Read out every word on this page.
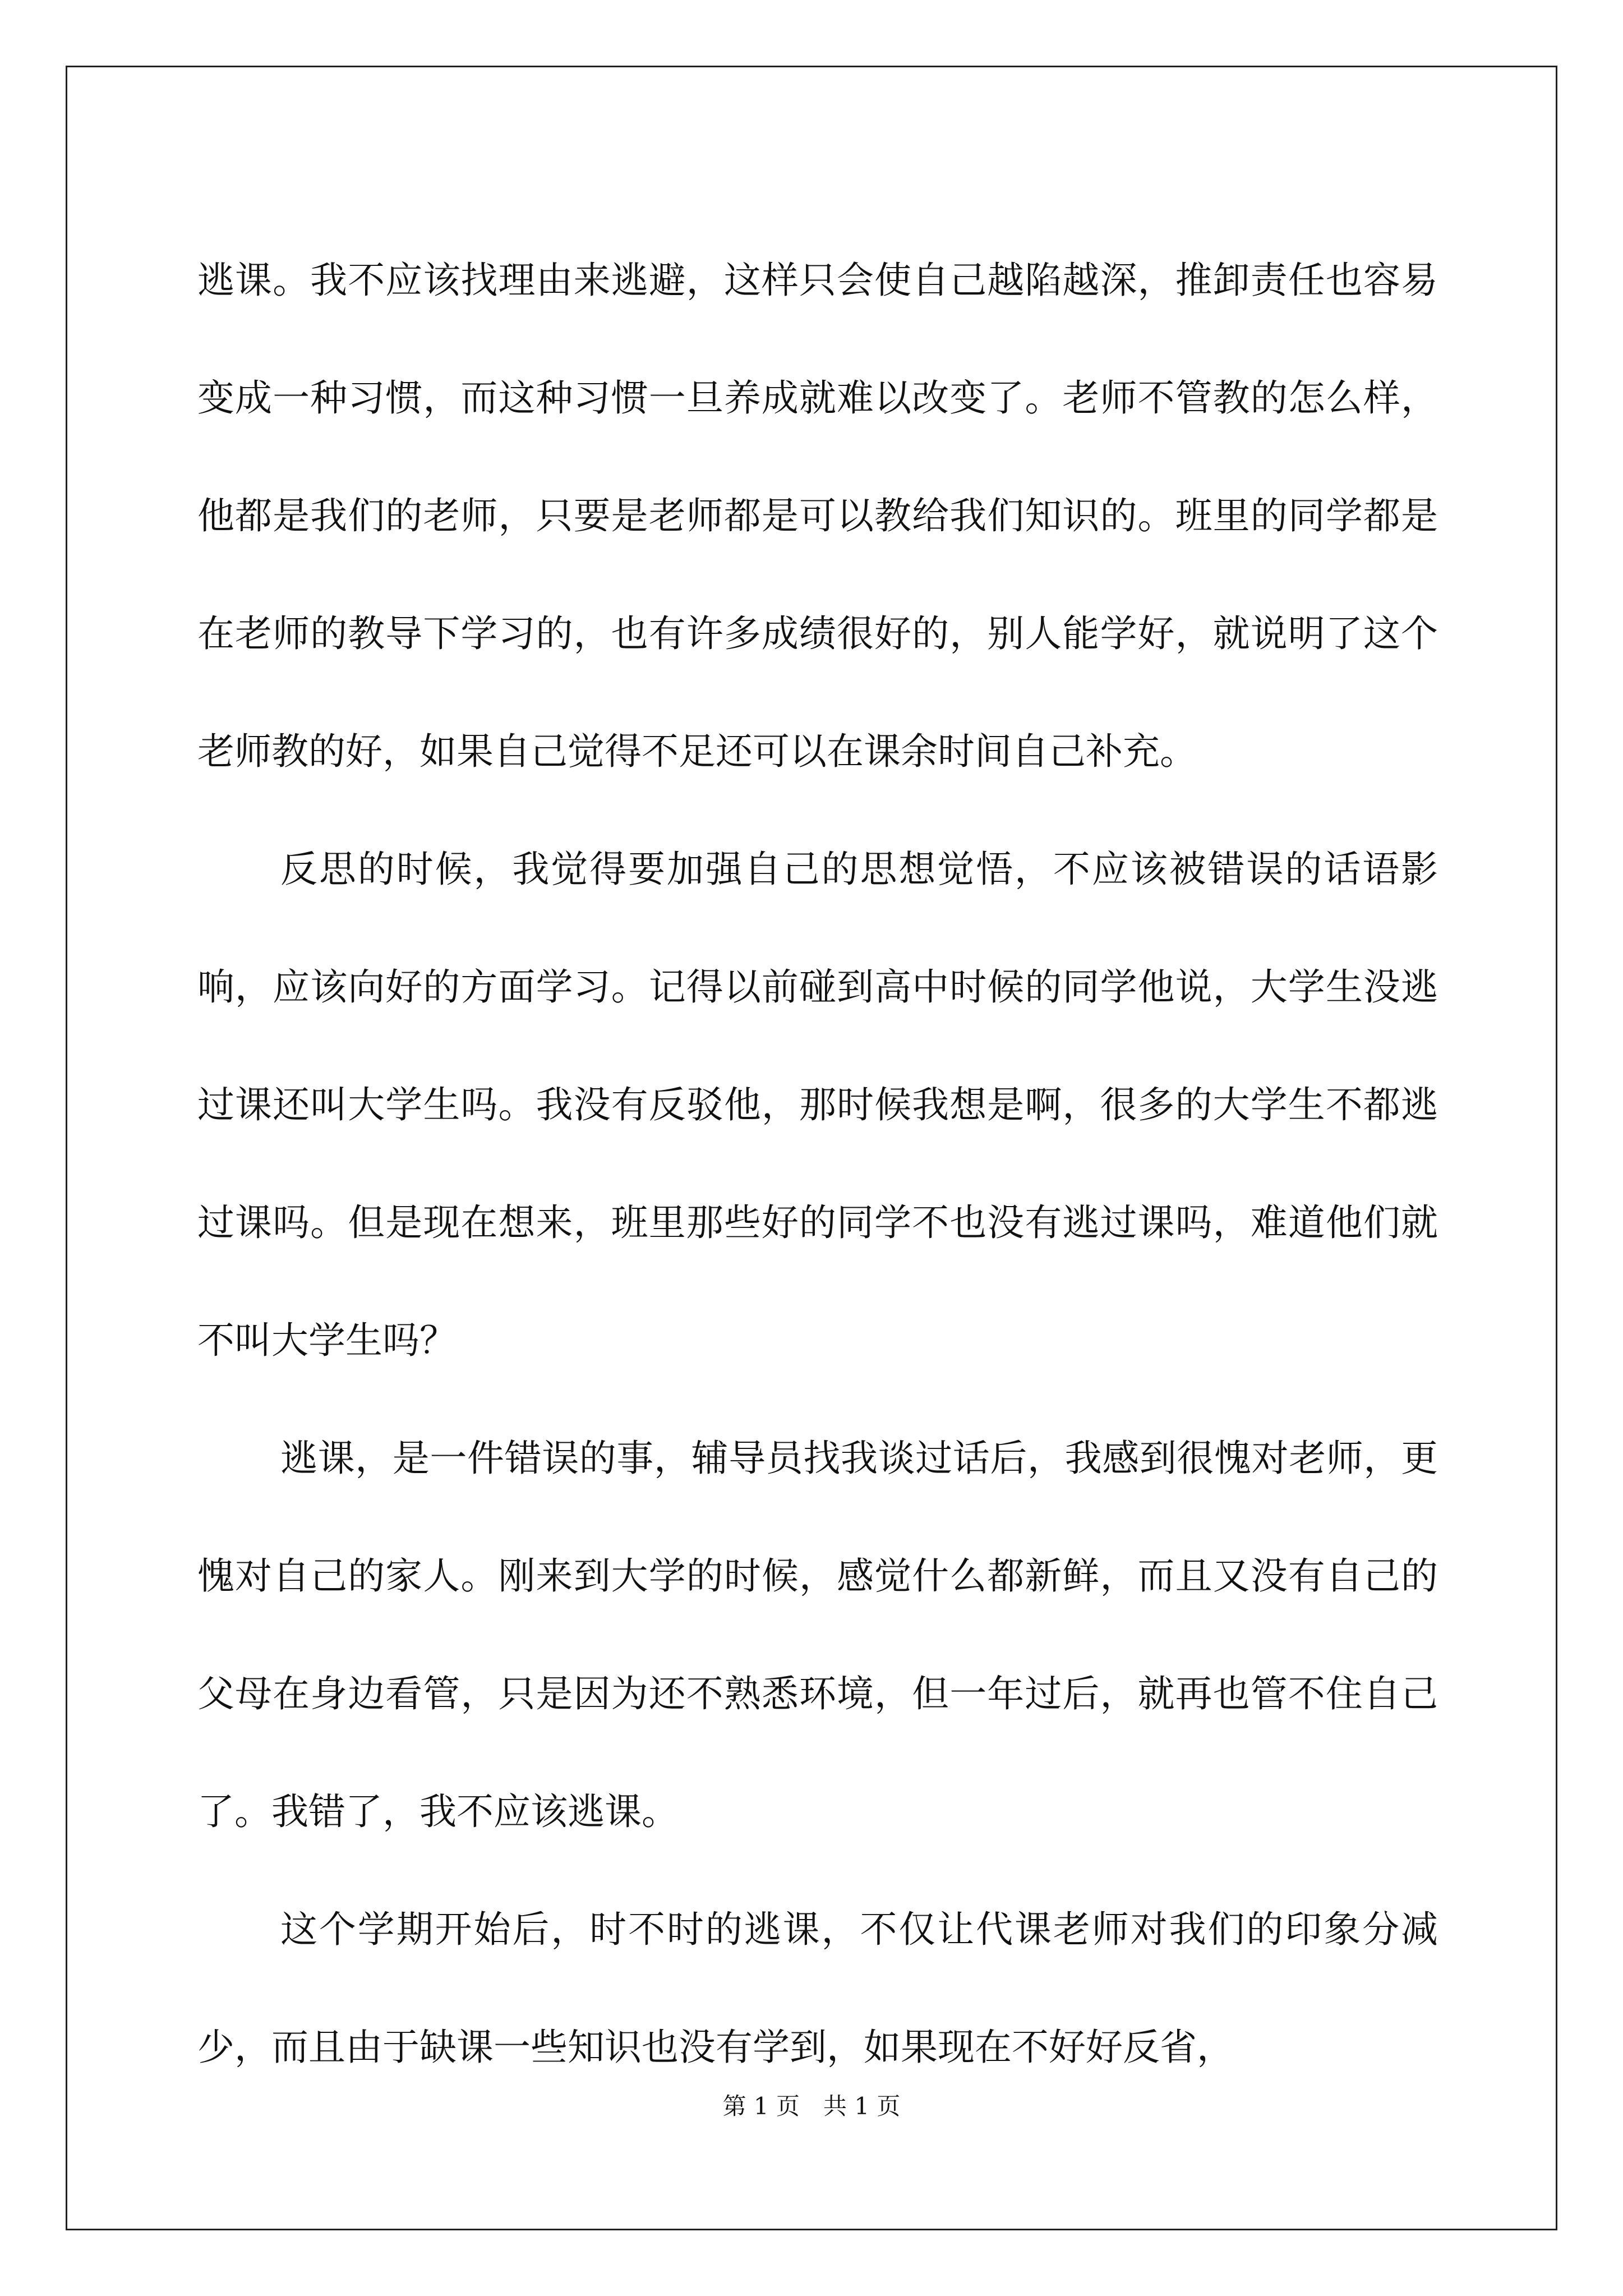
逃课。我不应该找理由来逃避，这样只会使自己越陷越深，推卸责任也容易变成一种习惯，而这种习惯一旦养成就难以改变了。老师不管教的怎么样，他都是我们的老师，只要是老师都是可以教给我们知识的。班里的同学都是在老师的教导下学习的，也有许多成绩很好的，别人能学好，就说明了这个老师教的好，如果自己觉得不足还可以在课余时间自己补充。

反思的时候，我觉得要加强自己的思想觉悟，不应该被错误的话语影响，应该向好的方面学习。记得以前碰到高中时候的同学他说，大学生没逃过课还叫大学生吗。我没有反驳他，那时候我想是啊，很多的大学生不都逃过课吗。但是现在想来，班里那些好的同学不也没有逃过课吗，难道他们就不叫大学生吗？

逃课，是一件错误的事，辅导员找我谈过话后，我感到很愧对老师，更愧对自己的家人。刚来到大学的时候，感觉什么都新鲜，而且又没有自己的父母在身边看管，只是因为还不熟悉环境，但一年过后，就再也管不住自己了。我错了，我不应该逃课。

这个学期开始后，时不时的逃课，不仅让代课老师对我们的印象分减少，而且由于缺课一些知识也没有学到，如果现在不好好反省，

第 1 页　共 1 页
